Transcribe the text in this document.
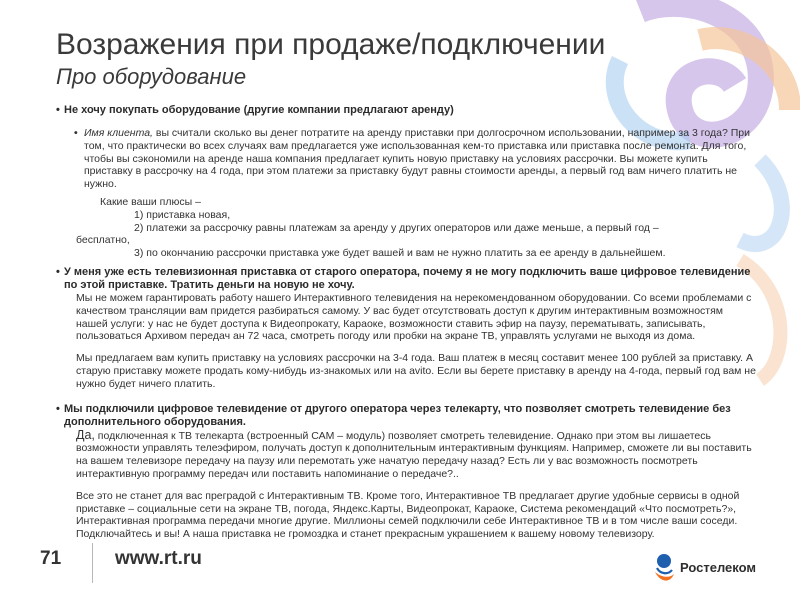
Возражения при продаже/подключении
Про оборудование
• Не хочу покупать оборудование (другие компании предлагают аренду)
• Имя клиента, вы считали сколько вы денег потратите на аренду приставки при долгосрочном использовании, например за 3 года? При том, что практически во всех случаях вам предлагается уже использованная кем-то приставка или приставка после ремонта. Для того, чтобы вы сэкономили на аренде наша компания предлагает купить новую приставку на условиях рассрочки. Вы можете купить приставку в рассрочку на 4 года, при этом платежи за приставку будут равны стоимости аренды, а первый год вам ничего платить не нужно.
Какие ваши плюсы –
1) приставка новая,
2) платежи за рассрочку равны платежам за аренду у других операторов или даже меньше, а первый год –
бесплатно,
3) по окончанию рассрочки приставка уже будет вашей и вам не нужно платить за ее аренду в дальнейшем.
• У меня уже есть телевизионная приставка от старого оператора, почему я не могу подключить ваше цифровое телевидение по этой приставке. Тратить деньги на новую не хочу.
Мы не можем гарантировать работу нашего Интерактивного телевидения на нерекомендованном оборудовании. Со всеми проблемами с качеством трансляции вам придется разбираться самому. У вас будет отсутствовать доступ к другим интерактивным возможностям нашей услуги: у нас не будет доступа к Видеопрокату, Караоке, возможности ставить эфир на паузу, перематывать, записывать, пользоваться Архивом передач ан 72 часа, смотреть погоду или пробки на экране ТВ, управлять услугами не выходя из дома.
Мы предлагаем вам купить приставку на условиях рассрочки на 3-4 года. Ваш платеж в месяц составит менее 100 рублей за приставку. А старую приставку можете продать кому-нибудь из-знакомых или на avito. Если вы берете приставку в аренду на 4-года, первый год вам не нужно будет ничего платить.
• Мы подключили цифровое телевидение от другого оператора через телекарту, что позволяет смотреть телевидение без дополнительного оборудования.
Да, подключенная к ТВ телекарта (встроенный САМ – модуль) позволяет смотреть телевидение. Однако при этом вы лишаетесь возможности управлять телеэфиром, получать доступ к дополнительным интерактивным функциям. Например, сможете ли вы поставить на вашем телевизоре передачу на паузу или перемотать уже начатую передачу назад? Есть ли у вас возможность посмотреть интерактивную программу передач или поставить напоминание о передаче?..
Все это не станет для вас преградой с Интерактивным ТВ. Кроме того, Интерактивное ТВ предлагает другие удобные сервисы в одной приставке – социальные сети на экране ТВ, погода, Яндекс.Карты, Видеопрокат, Караоке, Система рекомендаций «Что посмотреть?», Интерактивная программа передачи многие другие. Миллионы семей подключили себе Интерактивное ТВ и в том числе ваши соседи. Подключайтесь и вы! А наша приставка не громоздка и станет прекрасным украшением к вашему новому телевизору.
71	www.rt.ru	Ростелеком
